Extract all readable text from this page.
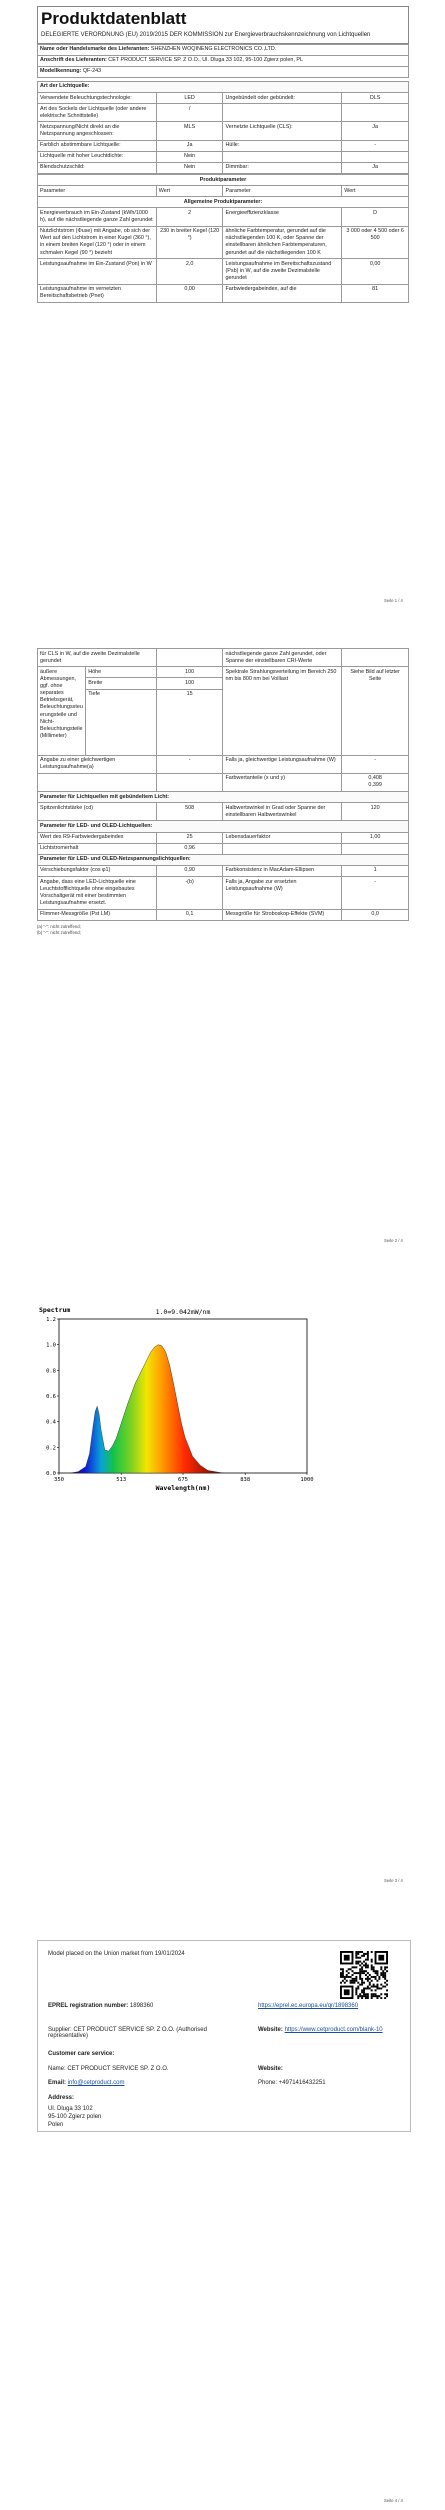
Produktdatenblatt
DELEGIERTE VERORDNUNG (EU) 2019/2015 DER KOMMISSION zur Energieverbrauchskennzeichnung von Lichtquellen
Name oder Handelsmarke des Lieferanten: SHENZHEN WOQINENG ELECTRONICS CO.,LTD.
Anschrift des Lieferanten: CET PRODUCT SERVICE SP. Z O.O., Ul. Dluga 33 102, 95-100 Zgierz polen, PL
Modellkennung: QF-243
Art der Lichtquelle:			
Verwendete Beleuchtungstechnologie:	LED	Ungebündelt oder gebündelt:	DLS
Art des Sockels der Lichtquelle (oder andere elektrische Schnittstelle)	/		
Netzspannung/Nicht direkt an die Netzspannung angeschlossen:	MLS	Vernetzte Lichtquelle (CLS):	Ja
Farblich abstimmbare Lichtquelle:	Ja	Hülle:	-
Lichtquelle mit hoher Leuchtdichte:	Nein		
Blendschutzschild:	Nein	Dimmbar:	Ja
Produktparameter			
Parameter	Wert	Parameter	Wert
Allgemeine Produktparameter:			
Energieverbrauch im Ein-Zustand (kWh/1000 h), auf die nächstliegende ganze Zahl gerundet	2	Energieeffizienzklasse	D
Nutzlichtstrom (Φuse) mit Angabe, ob sich der Wert auf den Lichtstrom in einer Kugel (360 °), in einem breiten Kegel (120 °) oder in einem schmalen Kegel (90 °) bezieht	230 in breiter Kegel (120 °)	ähnliche Farbtemperatur, gerundet auf die nächstliegenden 100 K, oder Spanne der einstellbaren ähnlichen Farbtemperaturen, gerundet auf die nächstliegenden 100 K	3 000 oder 4 500 oder 6 500
Leistungsaufnahme im Ein-Zustand (Pon) in W	2,0	Leistungsaufnahme im Bereitschaftszustand (Psb) in W, auf die zweite Dezimalstelle gerundet	0,00
Leistungsaufnahme im vernetzten Bereitschaftsbetrieb (Pnet)	0,00	Farbwiedergabeindex, auf die	81
Seite 1 / 4
für CLS in W, auf die zweite Dezimalstelle gerundet			nächstliegende ganze Zahl gerundet, oder Spanne der einstellbaren CRI-Werte	
äußere Abmessungen, ggf. ohne separates Betriebsgerät, Beleuchtungssteuerungsteile und Nicht-Beleuchtungsteile (Millimeter)	Höhe	100	Spektrale Strahlungsverteilung im Bereich 250 nm bis 800 nm bei Volllast	Siehe Bild auf letzter Seite
	Breite	100		
	Tiefe	15		
Angabe zu einer gleichwertigen Leistungsaufnahme(a)		-	Falls ja, gleichwertige Leistungsaufnahme (W)	-
			Farbwertanteile (x und y)	0,408
0,399
Parameter für Lichtquellen mit gebündeltem Licht:				
Spitzenlichtstärke (cd)		508	Halbwertswinkel in Grad oder Spanne der einstellbaren Halbwertswinkel	120
Parameter für LED- und OLED-Lichtquellen:				
Wert des R9-Farbwiedergabeindex		25	Lebensdauerfaktor	1,00
Lichtstromerhalt		0,96		
Parameter für LED- und OLED-Netzspannungslichtquellen:				
Verschiebungsfaktor (cos φ1)		0,90	Farbkonsistenz in MacAdam-Ellipsen	1
Angabe, dass eine LED-Lichtquelle eine Leuchtstofflichtquelle ohne eingebautes Vorschaltgerät mit einer bestimmten Leistungsaufnahme ersetzt.		-(b)	Falls ja, Angabe zur ersetzten Leistungsaufnahme (W)	-
Flimmer-Messgröße (Pst LM)		0,1	Messgröße für Stroboskop-Effekte (SVM)	0,0
(a) "-": nicht zutreffend;
(b) "-": nicht zutreffend;
Seite 2 / 4
0.0
0.2
0.4
0.6
0.8
1.0
1.2
350	513	675	838	1000
Spectrum	1.0=9.042mW/nm
Wavelength(nm)
Seite 3 / 4
Model placed on the Union market from 19/01/2024
EPREL registration number: 1898360	https://eprel.ec.europa.eu/qr/1898360
Supplier: CET PRODUCT SERVICE SP. Z O.O. (Authorised representative)
Website: https://www.cetproduct.com/blank-10
Customer care service:
Name: CET PRODUCT SERVICE SP. Z O.O.	Website:
Email: info@cetproduct.com	Phone: +4971416432251
Address:
Ul. Dluga 33 102
95-100 Zgierz polen
Polen
Seite 4 / 4
